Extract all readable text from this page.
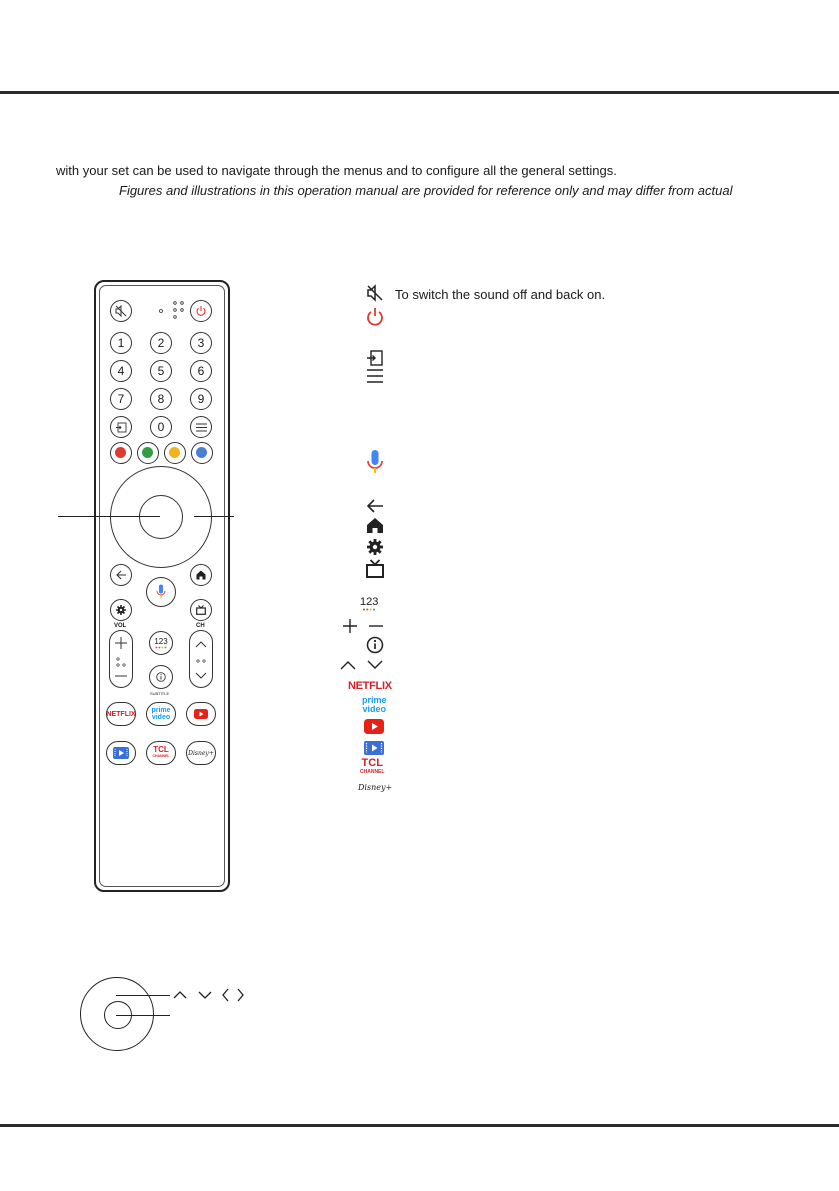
with your set can be used to navigate through the menus and to configure all the general settings.
Figures and illustrations in this operation manual are provided for reference only and may differ from actual
1	2	3
4	5	6
7	8	9
0
VOL	CH
123
SUBTITLE
NETFLIX prime
video
TCL
CHANNEL	Disney+
To switch the sound off and back on.
123
NETFLIX
prime
video
TCL
CHANNEL
Disney+
